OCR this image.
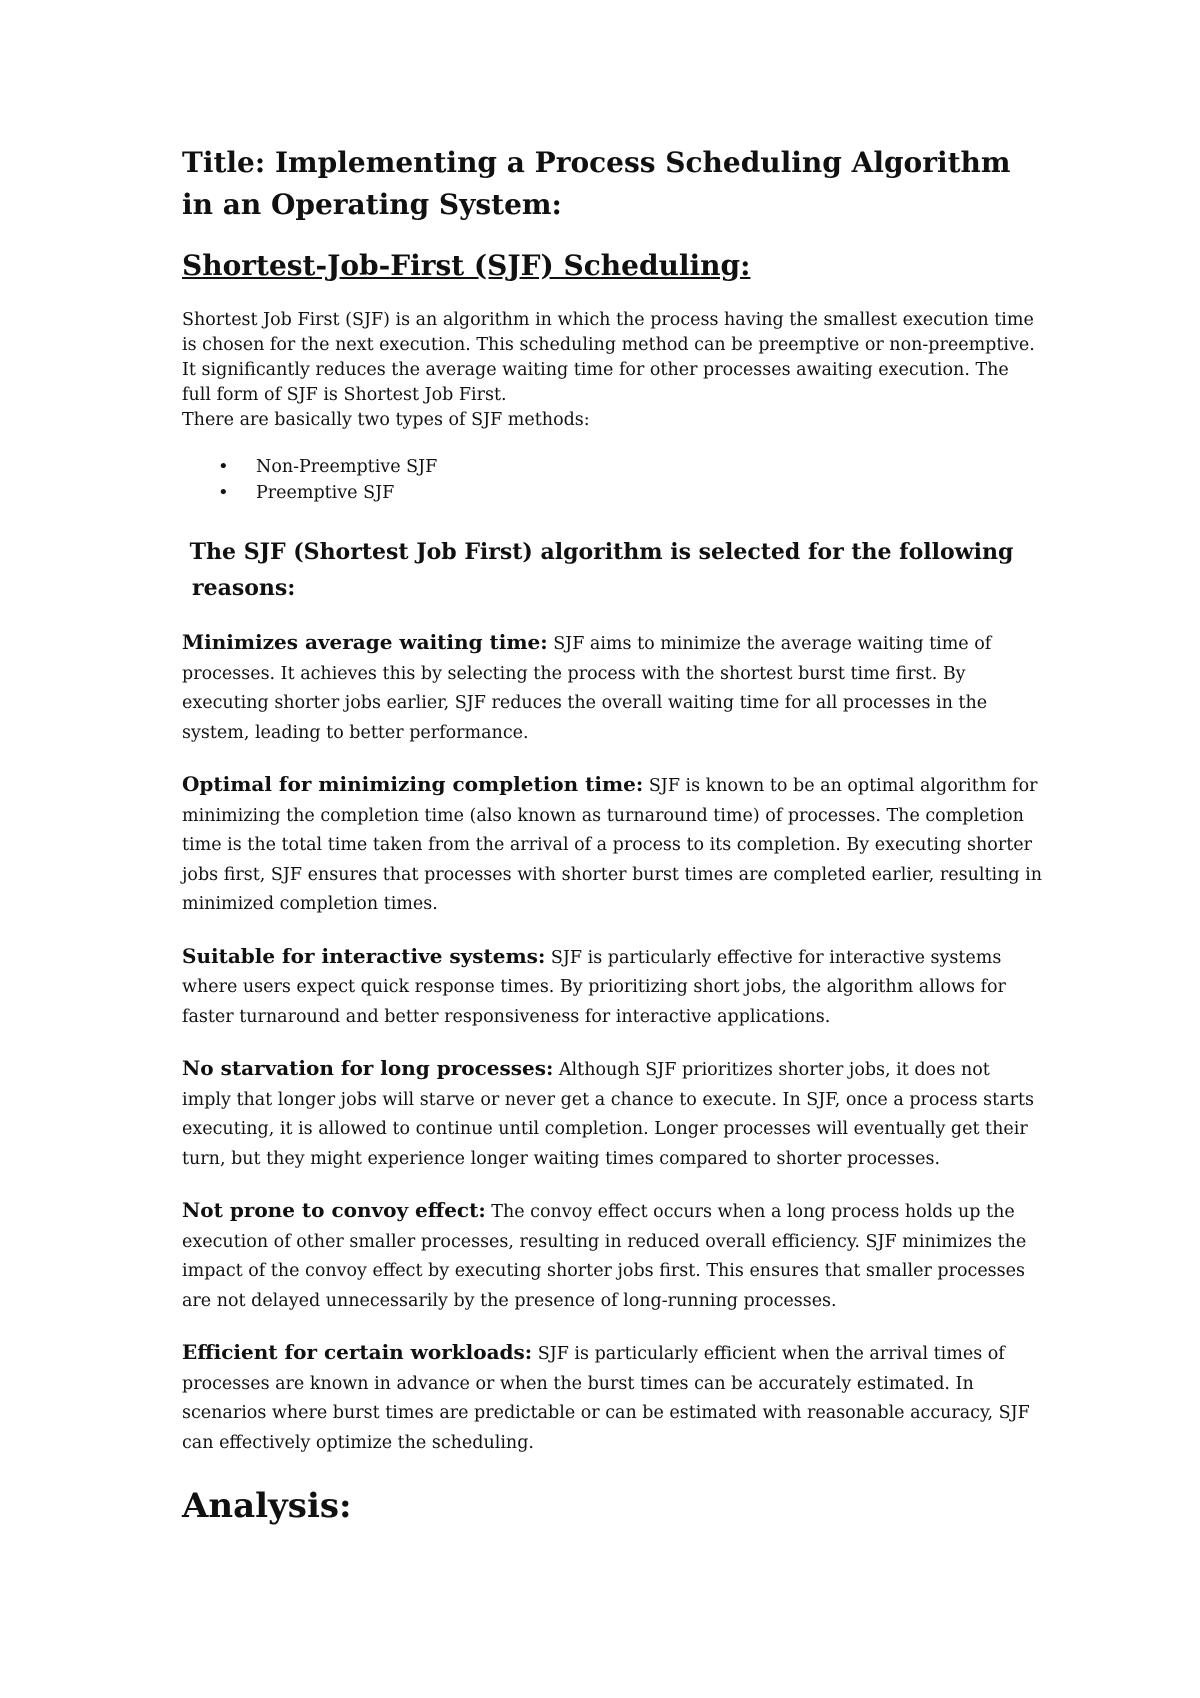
Title: Implementing a Process Scheduling Algorithm in an Operating System:
Shortest-Job-First (SJF) Scheduling:

Shortest Job First (SJF) is an algorithm in which the process having the smallest execution time is chosen for the next execution. This scheduling method can be preemptive or non-preemptive. It significantly reduces the average waiting time for other processes awaiting execution. The full form of SJF is Shortest Job First.

There are basically two types of SJF methods:

• Non-Preemptive SJF
• Preemptive SJF
The SJF (Shortest Job First) algorithm is selected for the following reasons:

Minimizes average waiting time: SJF aims to minimize the average waiting time of processes. It achieves this by selecting the process with the shortest burst time first. By executing shorter jobs earlier, SJF reduces the overall waiting time for all processes in the system, leading to better performance.

Optimal for minimizing completion time: SJF is known to be an optimal algorithm for minimizing the completion time (also known as turnaround time) of processes. The completion time is the total time taken from the arrival of a process to its completion. By executing shorter jobs first, SJF ensures that processes with shorter burst times are completed earlier, resulting in minimized completion times.

Suitable for interactive systems: SJF is particularly effective for interactive systems where users expect quick response times. By prioritizing short jobs, the algorithm allows for faster turnaround and better responsiveness for interactive applications.

No starvation for long processes: Although SJF prioritizes shorter jobs, it does not imply that longer jobs will starve or never get a chance to execute. In SJF, once a process starts executing, it is allowed to continue until completion. Longer processes will eventually get their turn, but they might experience longer waiting times compared to shorter processes.

Not prone to convoy effect: The convoy effect occurs when a long process holds up the execution of other smaller processes, resulting in reduced overall efficiency. SJF minimizes the impact of the convoy effect by executing shorter jobs first. This ensures that smaller processes are not delayed unnecessarily by the presence of long-running processes.

Efficient for certain workloads: SJF is particularly efficient when the arrival times of processes are known in advance or when the burst times can be accurately estimated. In scenarios where burst times are predictable or can be estimated with reasonable accuracy, SJF can effectively optimize the scheduling.

Analysis:
